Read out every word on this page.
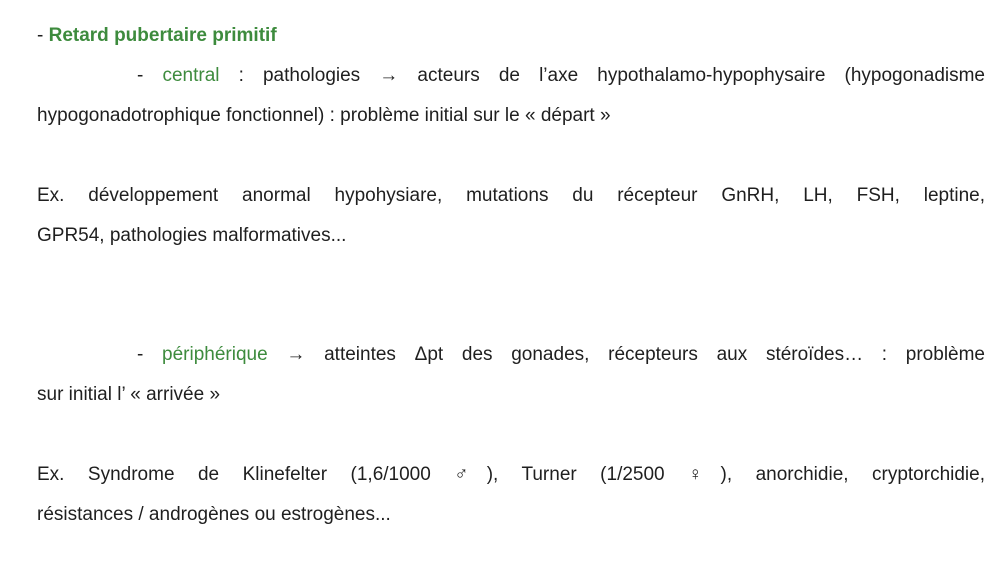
- Retard pubertaire primitif
- central : pathologies → acteurs de l’axe hypothalamo-hypophysaire (hypogonadisme
hypogonadotrophique fonctionnel) : problème initial sur le « départ »
Ex. développement anormal hypohysiare, mutations du récepteur GnRH, LH, FSH, leptine,
GPR54, pathologies malformatives...
- périphérique → atteintes Δpt des gonades, récepteurs aux stéroïdes… : problème
sur initial l’ « arrivée »
Ex. Syndrome de Klinefelter (1,6/1000 ♂), Turner (1/2500 ♀), anorchidie, cryptorchidie,
résistances / androgènes ou estrogènes...
